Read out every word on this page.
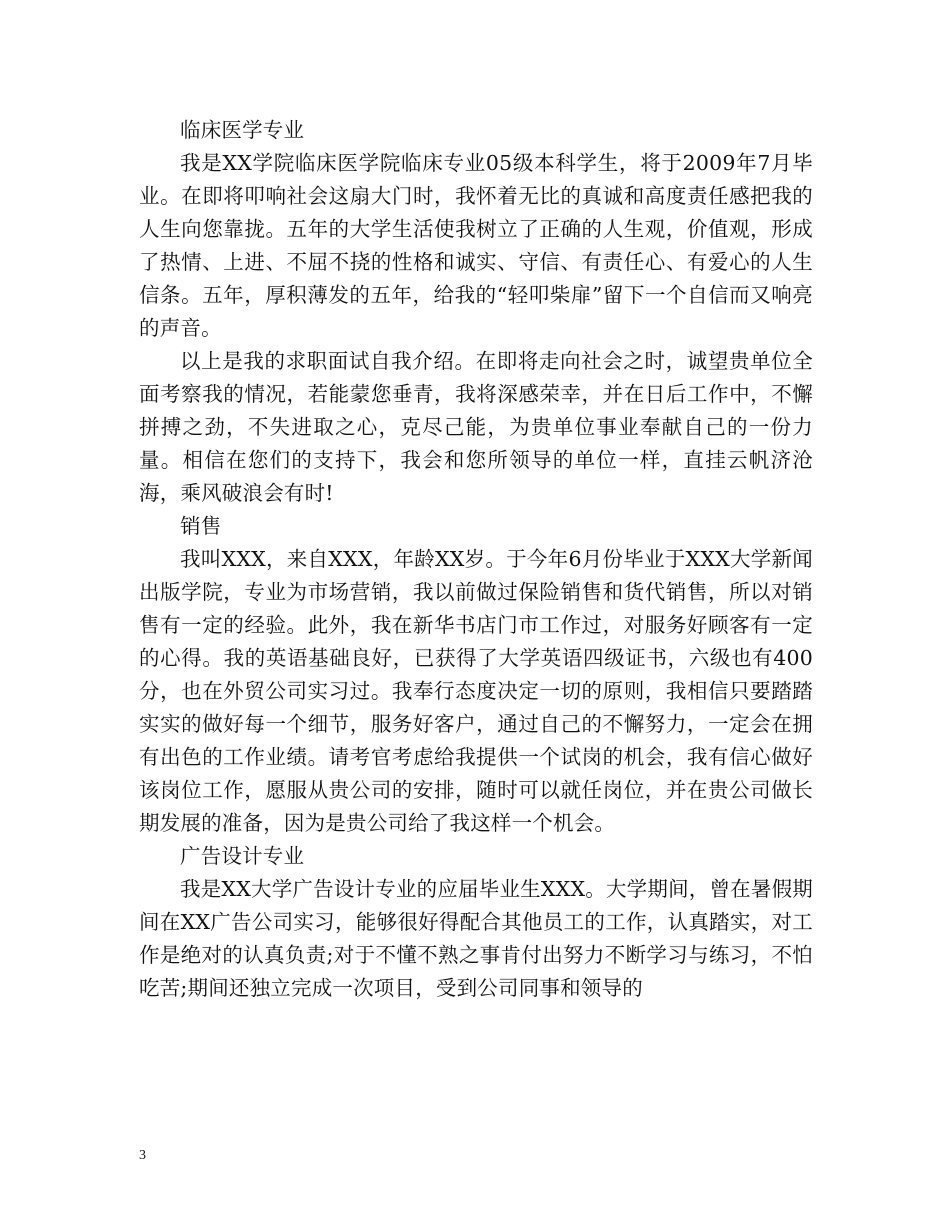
临床医学专业

我是XX学院临床医学院临床专业05级本科学生，将于2009年7月毕业。在即将叩响社会这扇大门时，我怀着无比的真诚和高度责任感把我的人生向您靠拢。五年的大学生活使我树立了正确的人生观，价值观，形成了热情、上进、不屈不挠的性格和诚实、守信、有责任心、有爱心的人生信条。五年，厚积薄发的五年，给我的“轻叩柴扉”留下一个自信而又响亮的声音。

以上是我的求职面试自我介绍。在即将走向社会之时，诚望贵单位全面考察我的情况，若能蒙您垂青，我将深感荣幸，并在日后工作中，不懈拼搏之劲，不失进取之心，克尽己能，为贵单位事业奉献自己的一份力量。相信在您们的支持下，我会和您所领导的单位一样，直挂云帆济沧海，乘风破浪会有时!

销售

我叫XXX，来自XXX，年龄XX岁。于今年6月份毕业于XXX大学新闻出版学院，专业为市场营销，我以前做过保险销售和货代销售，所以对销售有一定的经验。此外，我在新华书店门市工作过，对服务好顾客有一定的心得。我的英语基础良好，已获得了大学英语四级证书，六级也有400分，也在外贸公司实习过。我奉行态度决定一切的原则，我相信只要踏踏实实的做好每一个细节，服务好客户，通过自己的不懈努力，一定会在拥有出色的工作业绩。请考官考虑给我提供一个试岗的机会，我有信心做好该岗位工作，愿服从贵公司的安排，随时可以就任岗位，并在贵公司做长期发展的准备，因为是贵公司给了我这样一个机会。

广告设计专业

我是XX大学广告设计专业的应届毕业生XXX。大学期间，曾在暑假期间在XX广告公司实习，能够很好得配合其他员工的工作，认真踏实，对工作是绝对的认真负责;对于不懂不熟之事肯付出努力不断学习与练习，不怕吃苦;期间还独立完成一次项目，受到公司同事和领导的

3
